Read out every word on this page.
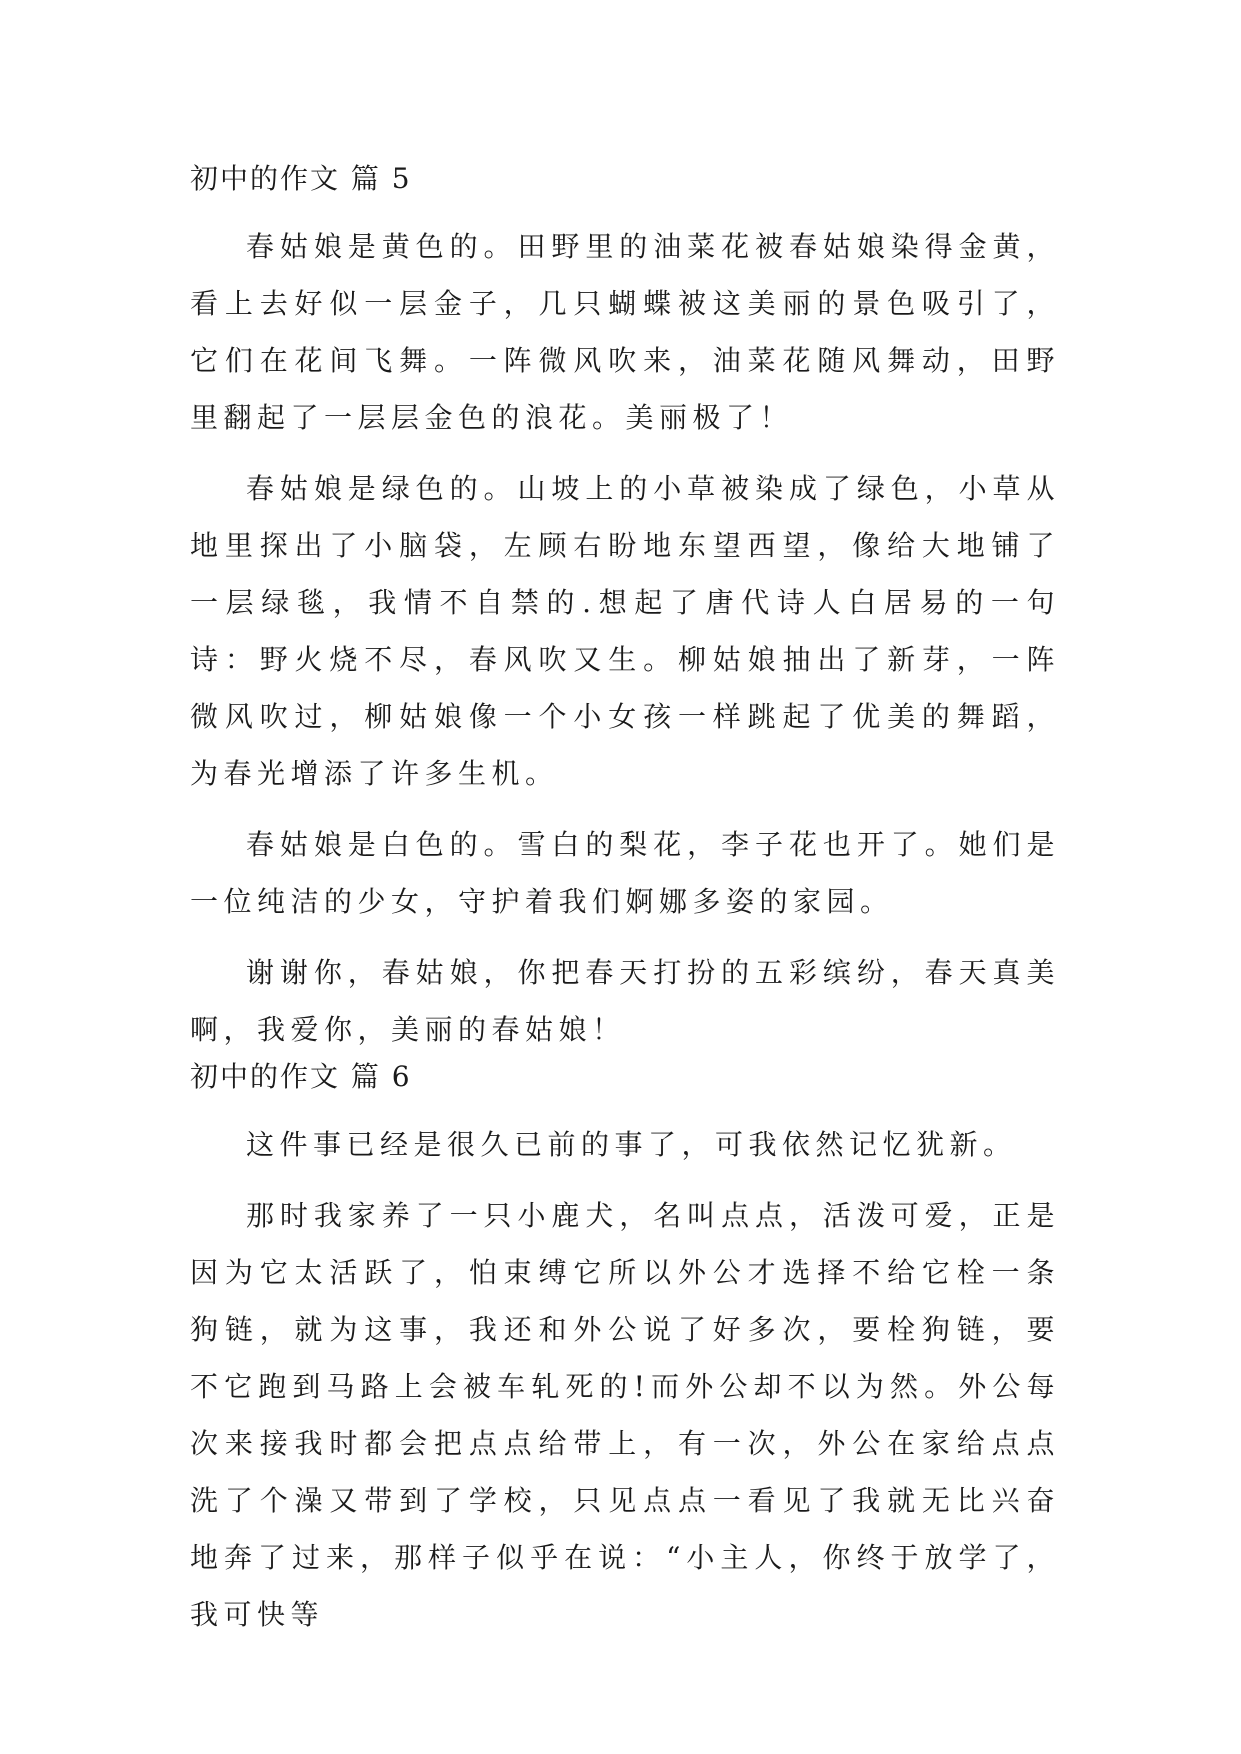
初中的作文 篇 5

春姑娘是黄色的。田野里的油菜花被春姑娘染得金黄，看上去好似一层金子，几只蝴蝶被这美丽的景色吸引了，它们在花间飞舞。一阵微风吹来，油菜花随风舞动，田野里翻起了一层层金色的浪花。美丽极了！

春姑娘是绿色的。山坡上的小草被染成了绿色，小草从地里探出了小脑袋，左顾右盼地东望西望，像给大地铺了一层绿毯，我情不自禁的.想起了唐代诗人白居易的一句诗：野火烧不尽，春风吹又生。柳姑娘抽出了新芽，一阵微风吹过，柳姑娘像一个小女孩一样跳起了优美的舞蹈，为春光增添了许多生机。

春姑娘是白色的。雪白的梨花，李子花也开了。她们是一位纯洁的少女，守护着我们婀娜多姿的家园。

谢谢你，春姑娘，你把春天打扮的五彩缤纷，春天真美啊，我爱你，美丽的春姑娘！

初中的作文 篇 6

这件事已经是很久已前的事了，可我依然记忆犹新。

那时我家养了一只小鹿犬，名叫点点，活泼可爱，正是因为它太活跃了，怕束缚它所以外公才选择不给它栓一条狗链，就为这事，我还和外公说了好多次，要栓狗链，要不它跑到马路上会被车轧死的!而外公却不以为然。外公每次来接我时都会把点点给带上，有一次，外公在家给点点洗了个澡又带到了学校，只见点点一看见了我就无比兴奋地奔了过来，那样子似乎在说：“小主人，你终于放学了，我可快等
